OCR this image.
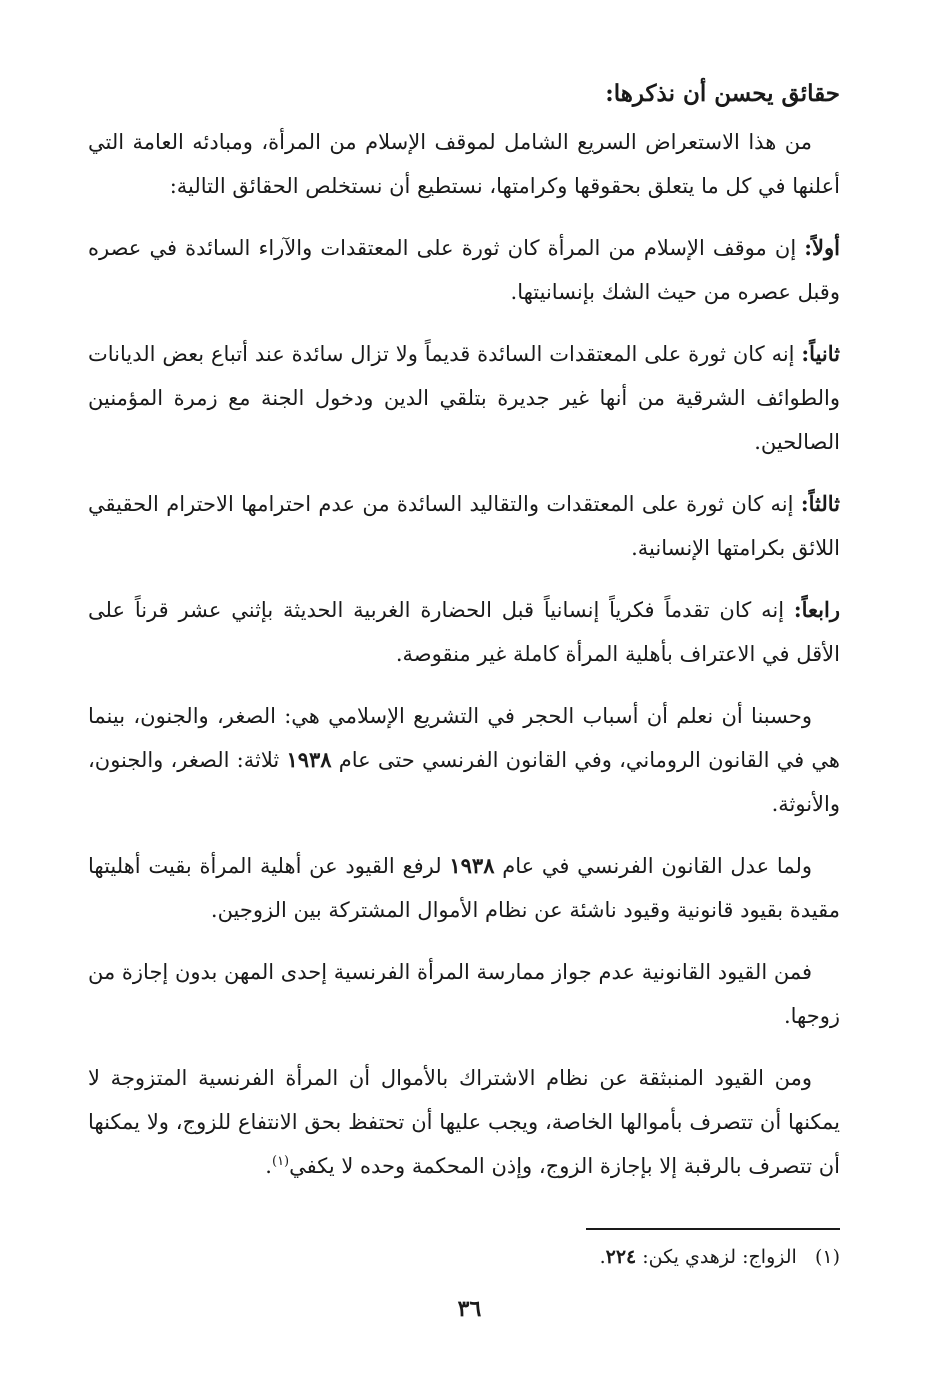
حقائق يحسن أن نذكرها:

من هذا الاستعراض السريع الشامل لموقف الإسلام من المرأة، ومبادئه العامة التي أعلنها في كل ما يتعلق بحقوقها وكرامتها، نستطيع أن نستخلص الحقائق التالية:

أولاً: إن موقف الإسلام من المرأة كان ثورة على المعتقدات والآراء السائدة في عصره وقبل عصره من حيث الشك بإنسانيتها.

ثانياً: إنه كان ثورة على المعتقدات السائدة قديماً ولا تزال سائدة عند أتباع بعض الديانات والطوائف الشرقية من أنها غير جديرة بتلقي الدين ودخول الجنة مع زمرة المؤمنين الصالحين.

ثالثاً: إنه كان ثورة على المعتقدات والتقاليد السائدة من عدم احترامها الاحترام الحقيقي اللائق بكرامتها الإنسانية.

رابعاً: إنه كان تقدماً فكرياً إنسانياً قبل الحضارة الغربية الحديثة بإثني عشر قرناً على الأقل في الاعتراف بأهلية المرأة كاملة غير منقوصة.

وحسبنا أن نعلم أن أسباب الحجر في التشريع الإسلامي هي: الصغر، والجنون، بينما هي في القانون الروماني، وفي القانون الفرنسي حتى عام ١٩٣٨ ثلاثة: الصغر، والجنون، والأنوثة.

ولما عدل القانون الفرنسي في عام ١٩٣٨ لرفع القيود عن أهلية المرأة بقيت أهليتها مقيدة بقيود قانونية وقيود ناشئة عن نظام الأموال المشتركة بين الزوجين.

فمن القيود القانونية عدم جواز ممارسة المرأة الفرنسية إحدى المهن بدون إجازة من زوجها.

ومن القيود المنبثقة عن نظام الاشتراك بالأموال أن المرأة الفرنسية المتزوجة لا يمكنها أن تتصرف بأموالها الخاصة، ويجب عليها أن تحتفظ بحق الانتفاع للزوج، ولا يمكنها أن تتصرف بالرقبة إلا بإجازة الزوج، وإذن المحكمة وحده لا يكفي$^{(١)}$.

(١)   الزواج: لزهدي يكن: ٢٢٤.
٣٦
